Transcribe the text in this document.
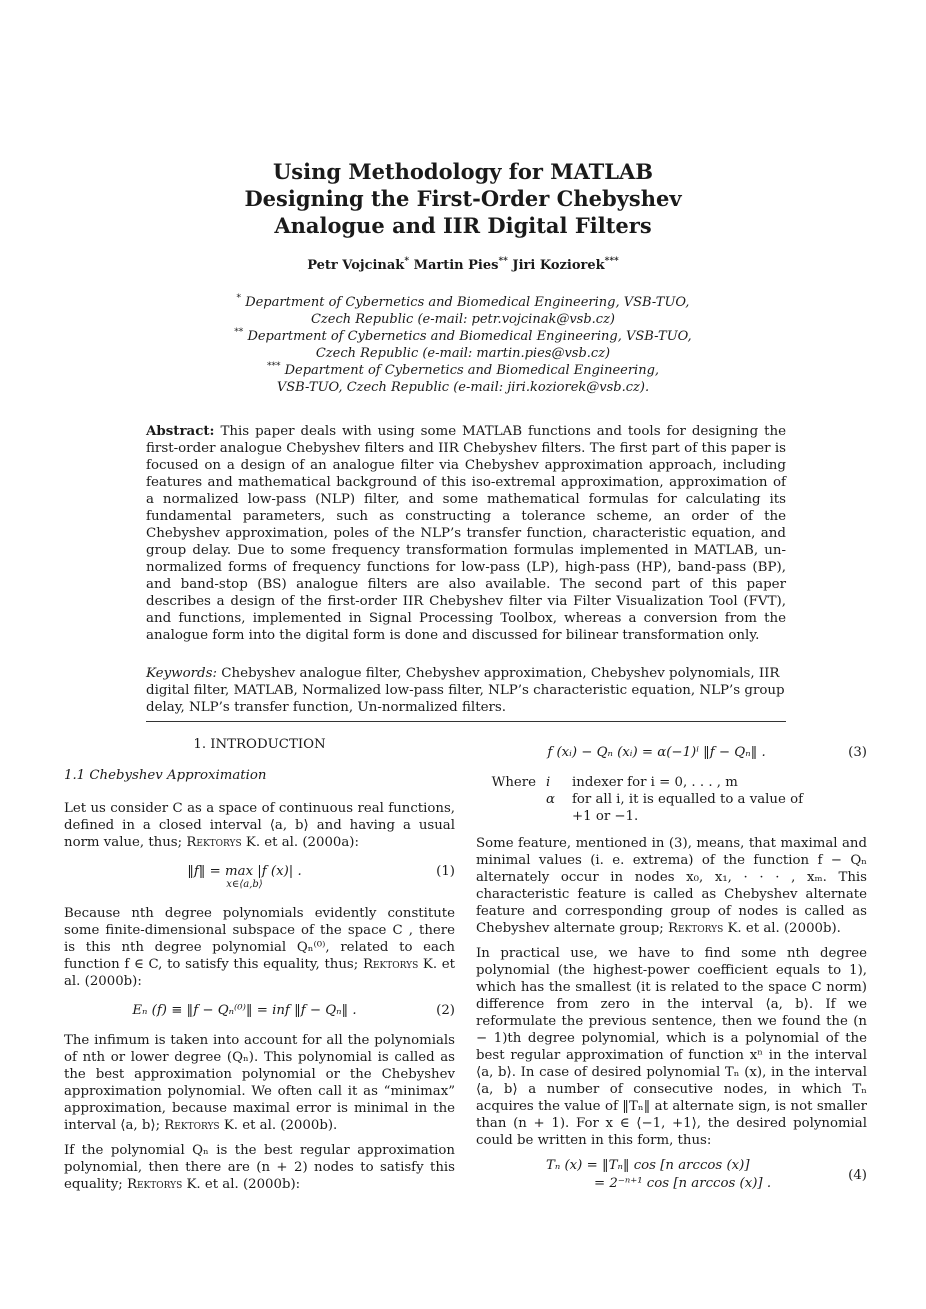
Using Methodology for MATLAB
Designing the First-Order Chebyshev
Analogue and IIR Digital Filters
Petr Vojcinak* Martin Pies** Jiri Koziorek***
* Department of Cybernetics and Biomedical Engineering, VSB-TUO,
Czech Republic (e-mail: petr.vojcinak@vsb.cz)
** Department of Cybernetics and Biomedical Engineering, VSB-TUO,
Czech Republic (e-mail: martin.pies@vsb.cz)
*** Department of Cybernetics and Biomedical Engineering,
VSB-TUO, Czech Republic (e-mail: jiri.koziorek@vsb.cz).
Abstract: This paper deals with using some MATLAB functions and tools for designing the first-order analogue Chebyshev filters and IIR Chebyshev filters. The first part of this paper is focused on a design of an analogue filter via Chebyshev approximation approach, including features and mathematical background of this iso-extremal approximation, approximation of a normalized low-pass (NLP) filter, and some mathematical formulas for calculating its fundamental parameters, such as constructing a tolerance scheme, an order of the Chebyshev approximation, poles of the NLP’s transfer function, characteristic equation, and group delay. Due to some frequency transformation formulas implemented in MATLAB, un-normalized forms of frequency functions for low-pass (LP), high-pass (HP), band-pass (BP), and band-stop (BS) analogue filters are also available. The second part of this paper describes a design of the first-order IIR Chebyshev filter via Filter Visualization Tool (FVT), and functions, implemented in Signal Processing Toolbox, whereas a conversion from the analogue form into the digital form is done and discussed for bilinear transformation only.
Keywords: Chebyshev analogue filter, Chebyshev approximation, Chebyshev polynomials, IIR digital filter, MATLAB, Normalized low-pass filter, NLP’s characteristic equation, NLP’s group delay, NLP’s transfer function, Un-normalized filters.
1. INTRODUCTION
1.1 Chebyshev Approximation
Let us consider C as a space of continuous real functions, defined in a closed interval ⟨a, b⟩ and having a usual norm value, thus; Rektorys K. et al. (2000a):
‖f‖ = max |f (x)| .
x∈⟨a,b⟩
(1)
Because nth degree polynomials evidently constitute some finite-dimensional subspace of the space C , there is this nth degree polynomial Qₙ⁽⁰⁾, related to each function f ∈ C, to satisfy this equality, thus; Rektorys K. et al. (2000b):
Eₙ (f) ≡ ‖f − Qₙ⁽⁰⁾‖ = inf ‖f − Qₙ‖ .	(2)
The infimum is taken into account for all the polynomials of nth or lower degree (Qₙ). This polynomial is called as the best approximation polynomial or the Chebyshev approximation polynomial. We often call it as “minimax” approximation, because maximal error is minimal in the interval ⟨a, b⟩; Rektorys K. et al. (2000b).
If the polynomial Qₙ is the best regular approximation polynomial, then there are (n + 2) nodes to satisfy this equality; Rektorys K. et al. (2000b):
f (xᵢ) − Qₙ (xᵢ) = α(−1)ⁱ ‖f − Qₙ‖ .	(3)
Where i	indexer for i = 0, . . . , m
α	for all i, it is equalled to a value of
+1 or −1.
Some feature, mentioned in (3), means, that maximal and minimal values (i. e. extrema) of the function f − Qₙ alternately occur in nodes x₀, x₁, · · · , xₘ. This characteristic feature is called as Chebyshev alternate feature and corresponding group of nodes is called as Chebyshev alternate group; Rektorys K. et al. (2000b).
In practical use, we have to find some nth degree polynomial (the highest-power coefficient equals to 1), which has the smallest (it is related to the space C norm) difference from zero in the interval ⟨a, b⟩. If we reformulate the previous sentence, then we found the (n − 1)th degree polynomial, which is a polynomial of the best regular approximation of function xⁿ in the interval ⟨a, b⟩. In case of desired polynomial Tₙ (x), in the interval ⟨a, b⟩ a number of consecutive nodes, in which Tₙ acquires the value of ‖Tₙ‖ at alternate sign, is not smaller than (n + 1). For x ∈ ⟨−1, +1⟩, the desired polynomial could be written in this form, thus:
Tₙ (x) = ‖Tₙ‖ cos [n arccos (x)]
= 2⁻ⁿ⁺¹ cos [n arccos (x)] .
(4)
